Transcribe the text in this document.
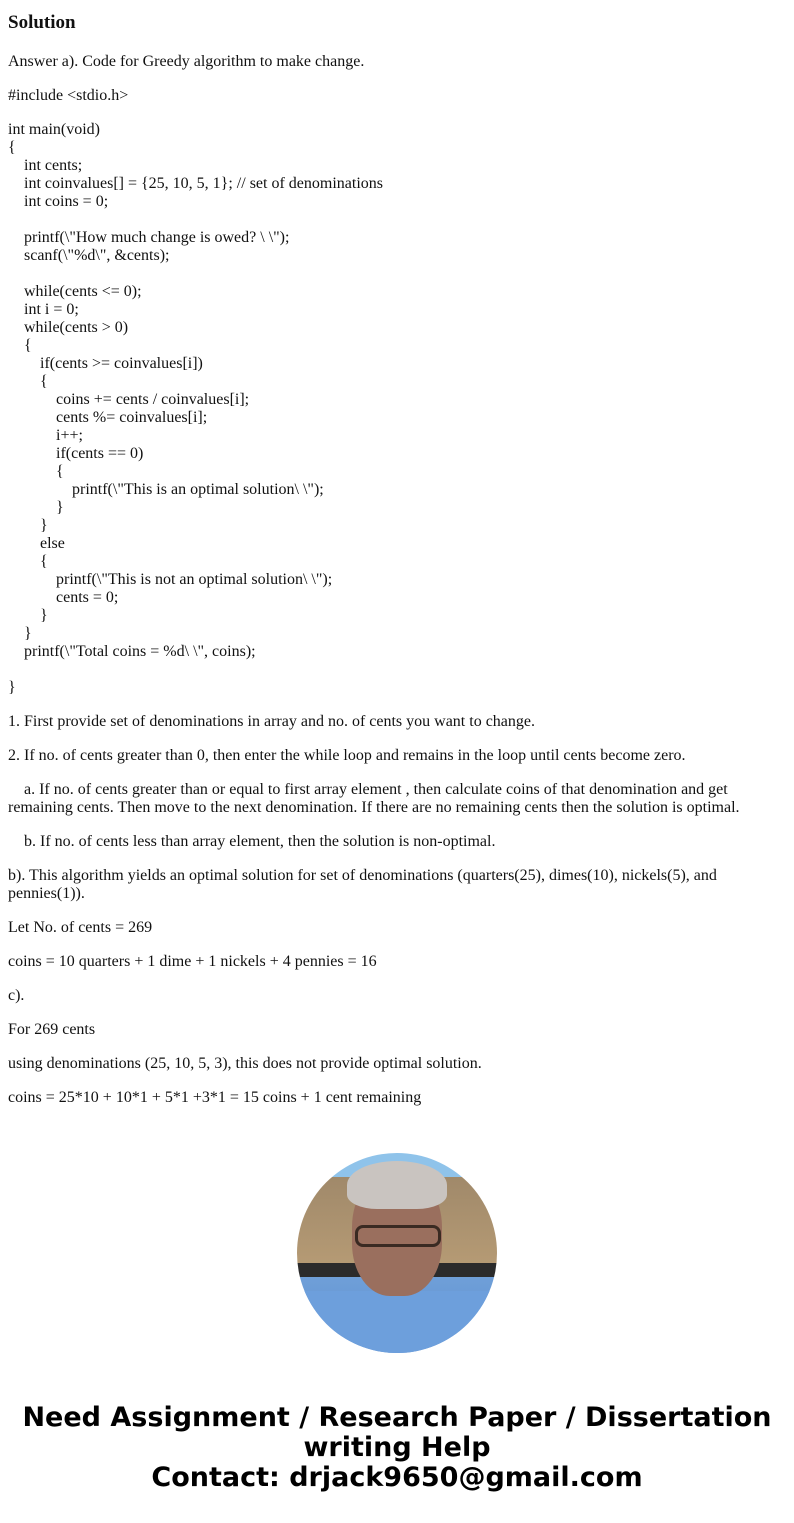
Solution
Answer a). Code for Greedy algorithm to make change.
#include <stdio.h>
int main(void)
{
int cents;
int coinvalues[] = {25, 10, 5, 1}; // set of denominations
int coins = 0;
printf(\"How much change is owed? \ \");
scanf(\"%d\", &cents);
while(cents <= 0);
int i = 0;
while(cents > 0)
{
if(cents >= coinvalues[i])
{
coins += cents / coinvalues[i];
cents %= coinvalues[i];
i++;
if(cents == 0)
{
printf(\"This is an optimal solution\ \");
}
}
else
{
printf(\"This is not an optimal solution\ \");
cents = 0;
}
}
printf(\"Total coins = %d\ \", coins);
}
1. First provide set of denominations in array and no. of cents you want to change.
2. If no. of cents greater than 0, then enter the while loop and remains in the loop until cents become zero.
a. If no. of cents greater than or equal to first array element , then calculate coins of that denomination and get remaining cents. Then move to the next denomination. If there are no remaining cents then the solution is optimal.
b. If no. of cents less than array element, then the solution is non-optimal.
b). This algorithm yields an optimal solution for set of denominations (quarters(25), dimes(10), nickels(5), and pennies(1)).
Let No. of cents = 269
coins = 10 quarters + 1 dime + 1 nickels + 4 pennies = 16
c).
For 269 cents
using denominations (25, 10, 5, 3), this does not provide optimal solution.
coins = 25*10 + 10*1 + 5*1 +3*1 = 15 coins + 1 cent remaining
Need Assignment / Research Paper / Dissertation
writing Help
Contact: drjack9650@gmail.com
